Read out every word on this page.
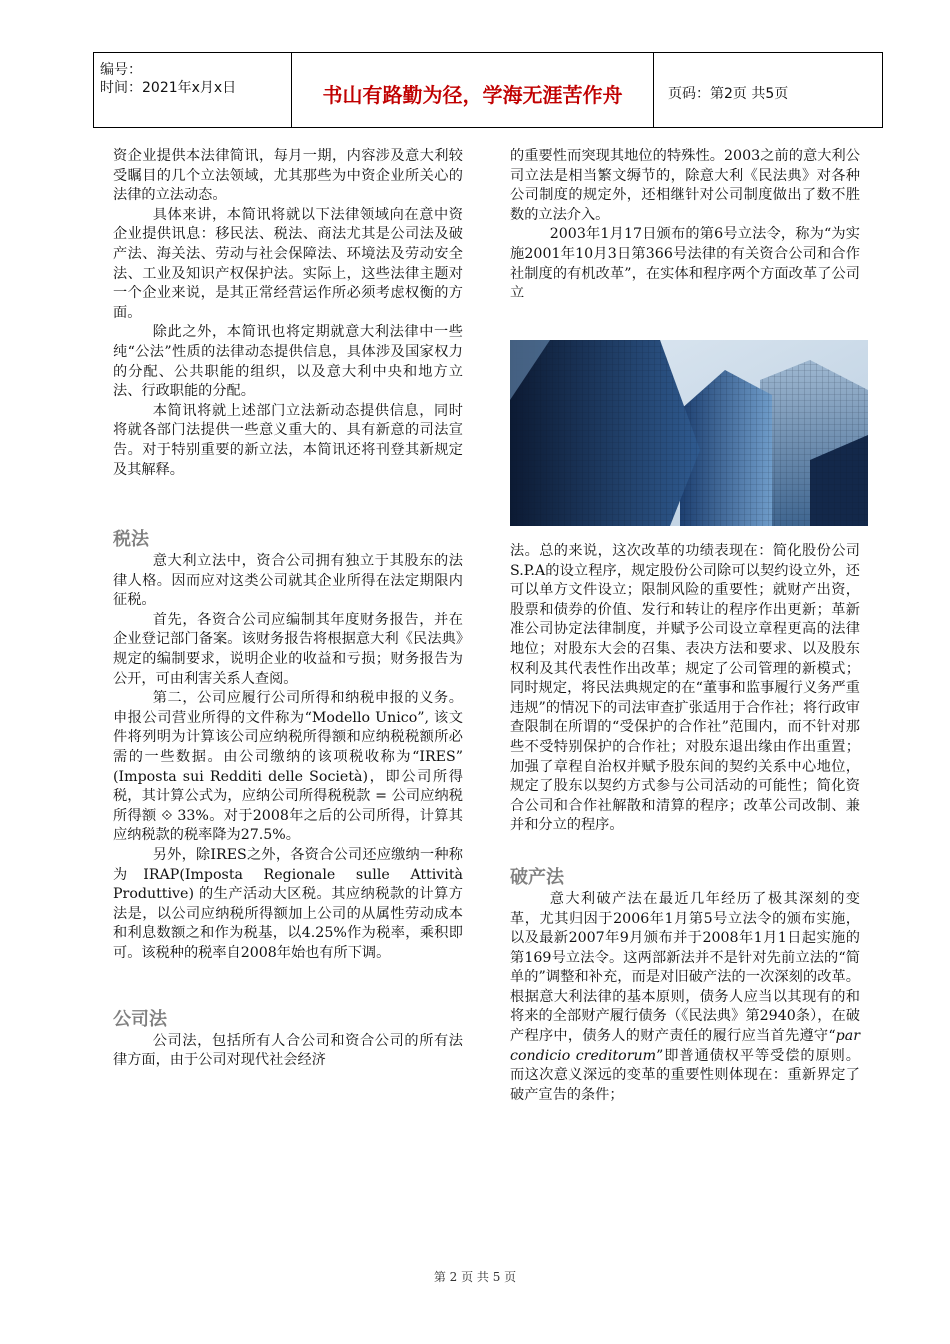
编号：
时间：2021年x月x日	书山有路勤为径，学海无涯苦作舟	页码：第2页 共5页

资企业提供本法律简讯，每月一期，内容涉及意大利较受瞩目的几个立法领域，尤其那些为中资企业所关心的法律的立法动态。

具体来讲，本简讯将就以下法律领域向在意中资企业提供讯息：移民法、税法、商法尤其是公司法及破产法、海关法、劳动与社会保障法、环境法及劳动安全法、工业及知识产权保护法。实际上，这些法律主题对一个企业来说，是其正常经营运作所必须考虑权衡的方面。

除此之外，本简讯也将定期就意大利法律中一些纯“公法”性质的法律动态提供信息，具体涉及国家权力的分配、公共职能的组织，以及意大利中央和地方立法、行政职能的分配。

本简讯将就上述部门立法新动态提供信息，同时将就各部门法提供一些意义重大的、具有新意的司法宣告。对于特别重要的新立法，本简讯还将刊登其新规定及其解释。

税法

意大利立法中，资合公司拥有独立于其股东的法律人格。因而应对这类公司就其企业所得在法定期限内征税。

首先，各资合公司应编制其年度财务报告，并在企业登记部门备案。该财务报告将根据意大利《民法典》规定的编制要求，说明企业的收益和亏损；财务报告为公开，可由利害关系人查阅。

第二，公司应履行公司所得和纳税申报的义务。申报公司营业所得的文件称为“Modello Unico”, 该文件将列明为计算该公司应纳税所得额和应纳税税额所必需的一些数据。由公司缴纳的该项税收称为“IRES” (Imposta sui Redditi delle Società)，即公司所得税，其计算公式为，应纳公司所得税税款 = 公司应纳税所得额 ⟐ 33%。对于2008年之后的公司所得，计算其应纳税款的税率降为27.5%。

另外，除IRES之外，各资合公司还应缴纳一种称为IRAP(Imposta Regionale sulle Attività Produttive) 的生产活动大区税。其应纳税款的计算方法是，以公司应纳税所得额加上公司的从属性劳动成本和利息数额之和作为税基，以4.25%作为税率，乘积即可。该税种的税率自2008年始也有所下调。

公司法

公司法，包括所有人合公司和资合公司的所有法律方面，由于公司对现代社会经济

的重要性而突现其地位的特殊性。2003之前的意大利公司立法是相当繁文缛节的，除意大利《民法典》对各种公司制度的规定外，还相继针对公司制度做出了数不胜数的立法介入。

2003年1月17日颁布的第6号立法令，称为“为实施2001年10月3日第366号法律的有关资合公司和合作社制度的有机改革”，在实体和程序两个方面改革了公司立

法。总的来说，这次改革的功绩表现在：简化股份公司S.P.A的设立程序，规定股份公司除可以契约设立外，还可以单方文件设立；限制风险的重要性；就财产出资，股票和债券的价值、发行和转让的程序作出更新；革新准公司协定法律制度，并赋予公司设立章程更高的法律地位；对股东大会的召集、表决方法和要求、以及股东权利及其代表性作出改革；规定了公司管理的新模式；同时规定，将民法典规定的在“董事和监事履行义务严重违规”的情况下的司法审查扩张适用于合作社；将行政审查限制在所谓的“受保护的合作社”范围内，而不针对那些不受特别保护的合作社；对股东退出缘由作出重置；加强了章程自治权并赋予股东间的契约关系中心地位，规定了股东以契约方式参与公司活动的可能性；简化资合公司和合作社解散和清算的程序；改革公司改制、兼并和分立的程序。

破产法

意大利破产法在最近几年经历了极其深刻的变革，尤其归因于2006年1月第5号立法令的颁布实施，以及最新2007年9月颁布并于2008年1月1日起实施的第169号立法令。这两部新法并不是针对先前立法的“简单的”调整和补充，而是对旧破产法的一次深刻的改革。根据意大利法律的基本原则，债务人应当以其现有的和将来的全部财产履行债务（《民法典》第2940条），在破产程序中，债务人的财产责任的履行应当首先遵守“par condicio creditorum”即普通债权平等受偿的原则。 而这次意义深远的变革的重要性则体现在：重新界定了破产宣告的条件；

第 2 页 共 5 页
